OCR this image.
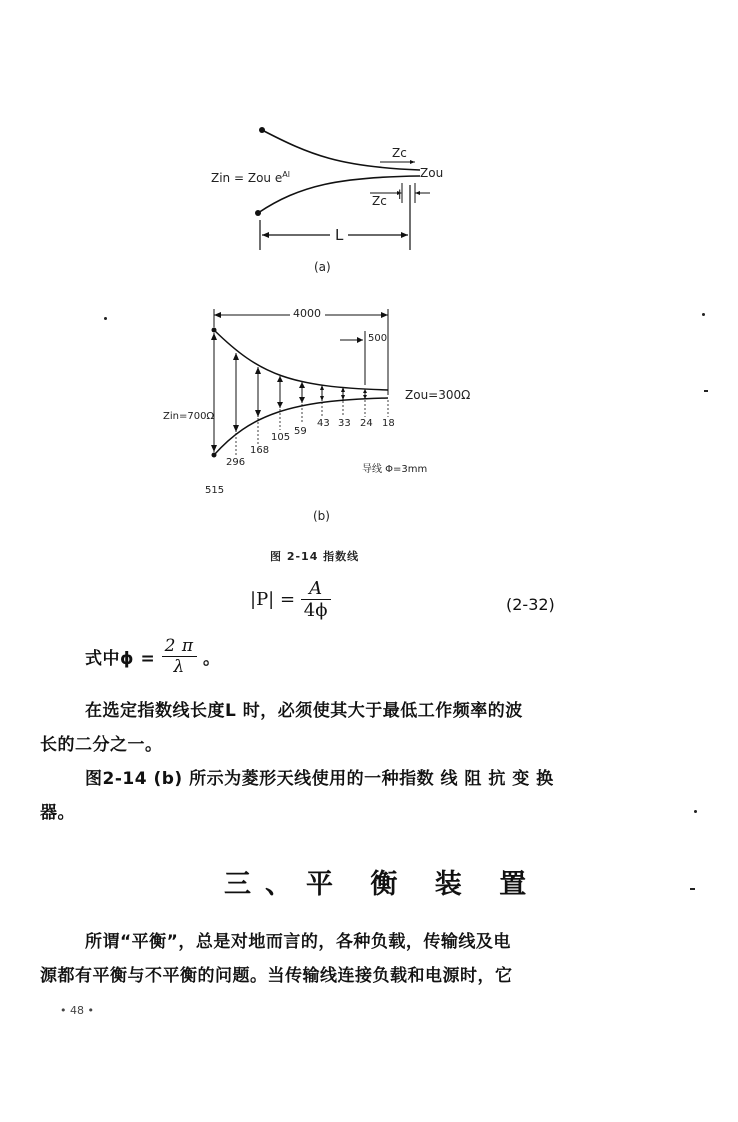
Zc
Zin = Zou $e^{Al}$	Zou
Zc l
L
(a)
4000
500
Zin=700Ω
Zou=300Ω
515
296
168
105
59
43 33 24 18
导线 Φ=3mm
(b)
图 2-14 指数线
$|P| = \frac{A}{4\phi}$	(2-32)
式中$\phi = \frac{2 \pi}{\lambda}$ 。
在选定指数线长度L 时，必须使其大于最低工作频率的波
长的二分之一。
图2-14 (b) 所示为菱形天线使用的一种指数 线 阻 抗 变 换
器。
三、平 衡 装 置
所谓“平衡”，总是对地而言的，各种负载，传输线及电
源都有平衡与不平衡的问题。当传输线连接负载和电源时，它
• 48 •
